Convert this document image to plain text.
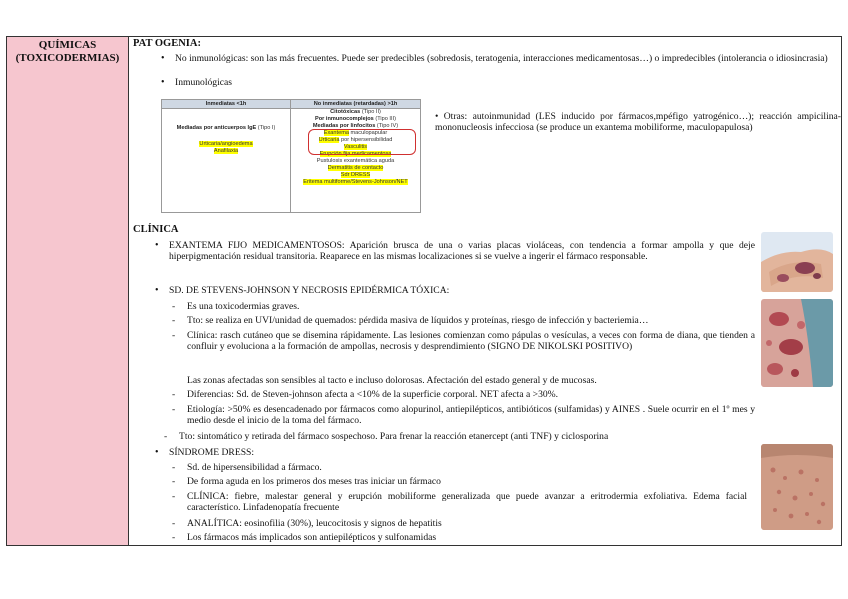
QUÍMICAS
(TOXICODERMIAS)
PAT OGENIA:
• No inmunológicas: son las más frecuentes. Puede ser predecibles (sobredosis, teratogenia, interacciones medicamentosas…) o impredecibles (intolerancia o idiosincrasia)
• Inmunológicas
Inmediatas <1h	No inmediatas (retardadas) >1h
Mediadas por anticuerpos IgE (Tipo I)
Urticaria/angioedema
Anafilaxia
Citotóxicas (Tipo II)
Por inmunocomplejos (Tipo III)
Mediadas por linfocitos (Tipo IV)
Exantema maculopapular
Urticaria por hipersensibilidad
Vasculitis
Erupción fija medicamentosa
Pustulosis exantemática aguda
Dermatitis de contacto
Sdr DRESS
Eritema multiforme/Stevens-Johnson/NET
• Otras: autoinmunidad (LES inducido por fármacos,mpéfigo yatrogénico…); reacción ampicilina-mononucleosis infecciosa (se produce un exantema mobiliforme, maculopapulosa)
CLÍNICA
• EXANTEMA FIJO MEDICAMENTOSOS: Aparición brusca de una o varias placas violáceas, con tendencia a formar ampolla y que deje hiperpigmentación residual transitoria. Reaparece en las mismas localizaciones si se vuelve a ingerir el fármaco responsable.
• SD. DE STEVENS-JOHNSON Y NECROSIS EPIDÉRMICA TÓXICA:
- Es una toxicodermias graves.
- Tto: se realiza en UVI/unidad de quemados: pérdida masiva de líquidos y proteínas, riesgo de infección y bacteriemia…
- Clínica: rasch cutáneo que se disemina rápidamente. Las lesiones comienzan como pápulas o vesículas, a veces con forma de diana, que tienden a confluir y evoluciona a la formación de ampollas, necrosis y desprendimiento (SIGNO DE NIKOLSKI POSITIVO)
Las zonas afectadas son sensibles al tacto e incluso dolorosas. Afectación del estado general y de mucosas.
- Diferencias: Sd. de Steven-johnson afecta a <10% de la superficie corporal. NET afecta a >30%.
- Etiología: >50% es desencadenado por fármacos como alopurinol, antiepilépticos, antibióticos (sulfamidas) y AINES . Suele ocurrir en el 1º mes y medio desde el inicio de la toma del fármaco.
- Tto: sintomático y retirada del fármaco sospechoso. Para frenar la reacción etanercept (anti TNF) y ciclosporina
• SÍNDROME DRESS:
- Sd. de hipersensibilidad a fármaco.
- De forma aguda en los primeros dos meses tras iniciar un fármaco
- CLÍNICA: fiebre, malestar general y erupción mobiliforme generalizada que puede avanzar a eritrodermia exfoliativa. Edema facial característico. Linfadenopatía frecuente
- ANALÍTICA: eosinofilia (30%), leucocitosis y signos de hepatitis
- Los fármacos más implicados son antiepilépticos y sulfonamidas
